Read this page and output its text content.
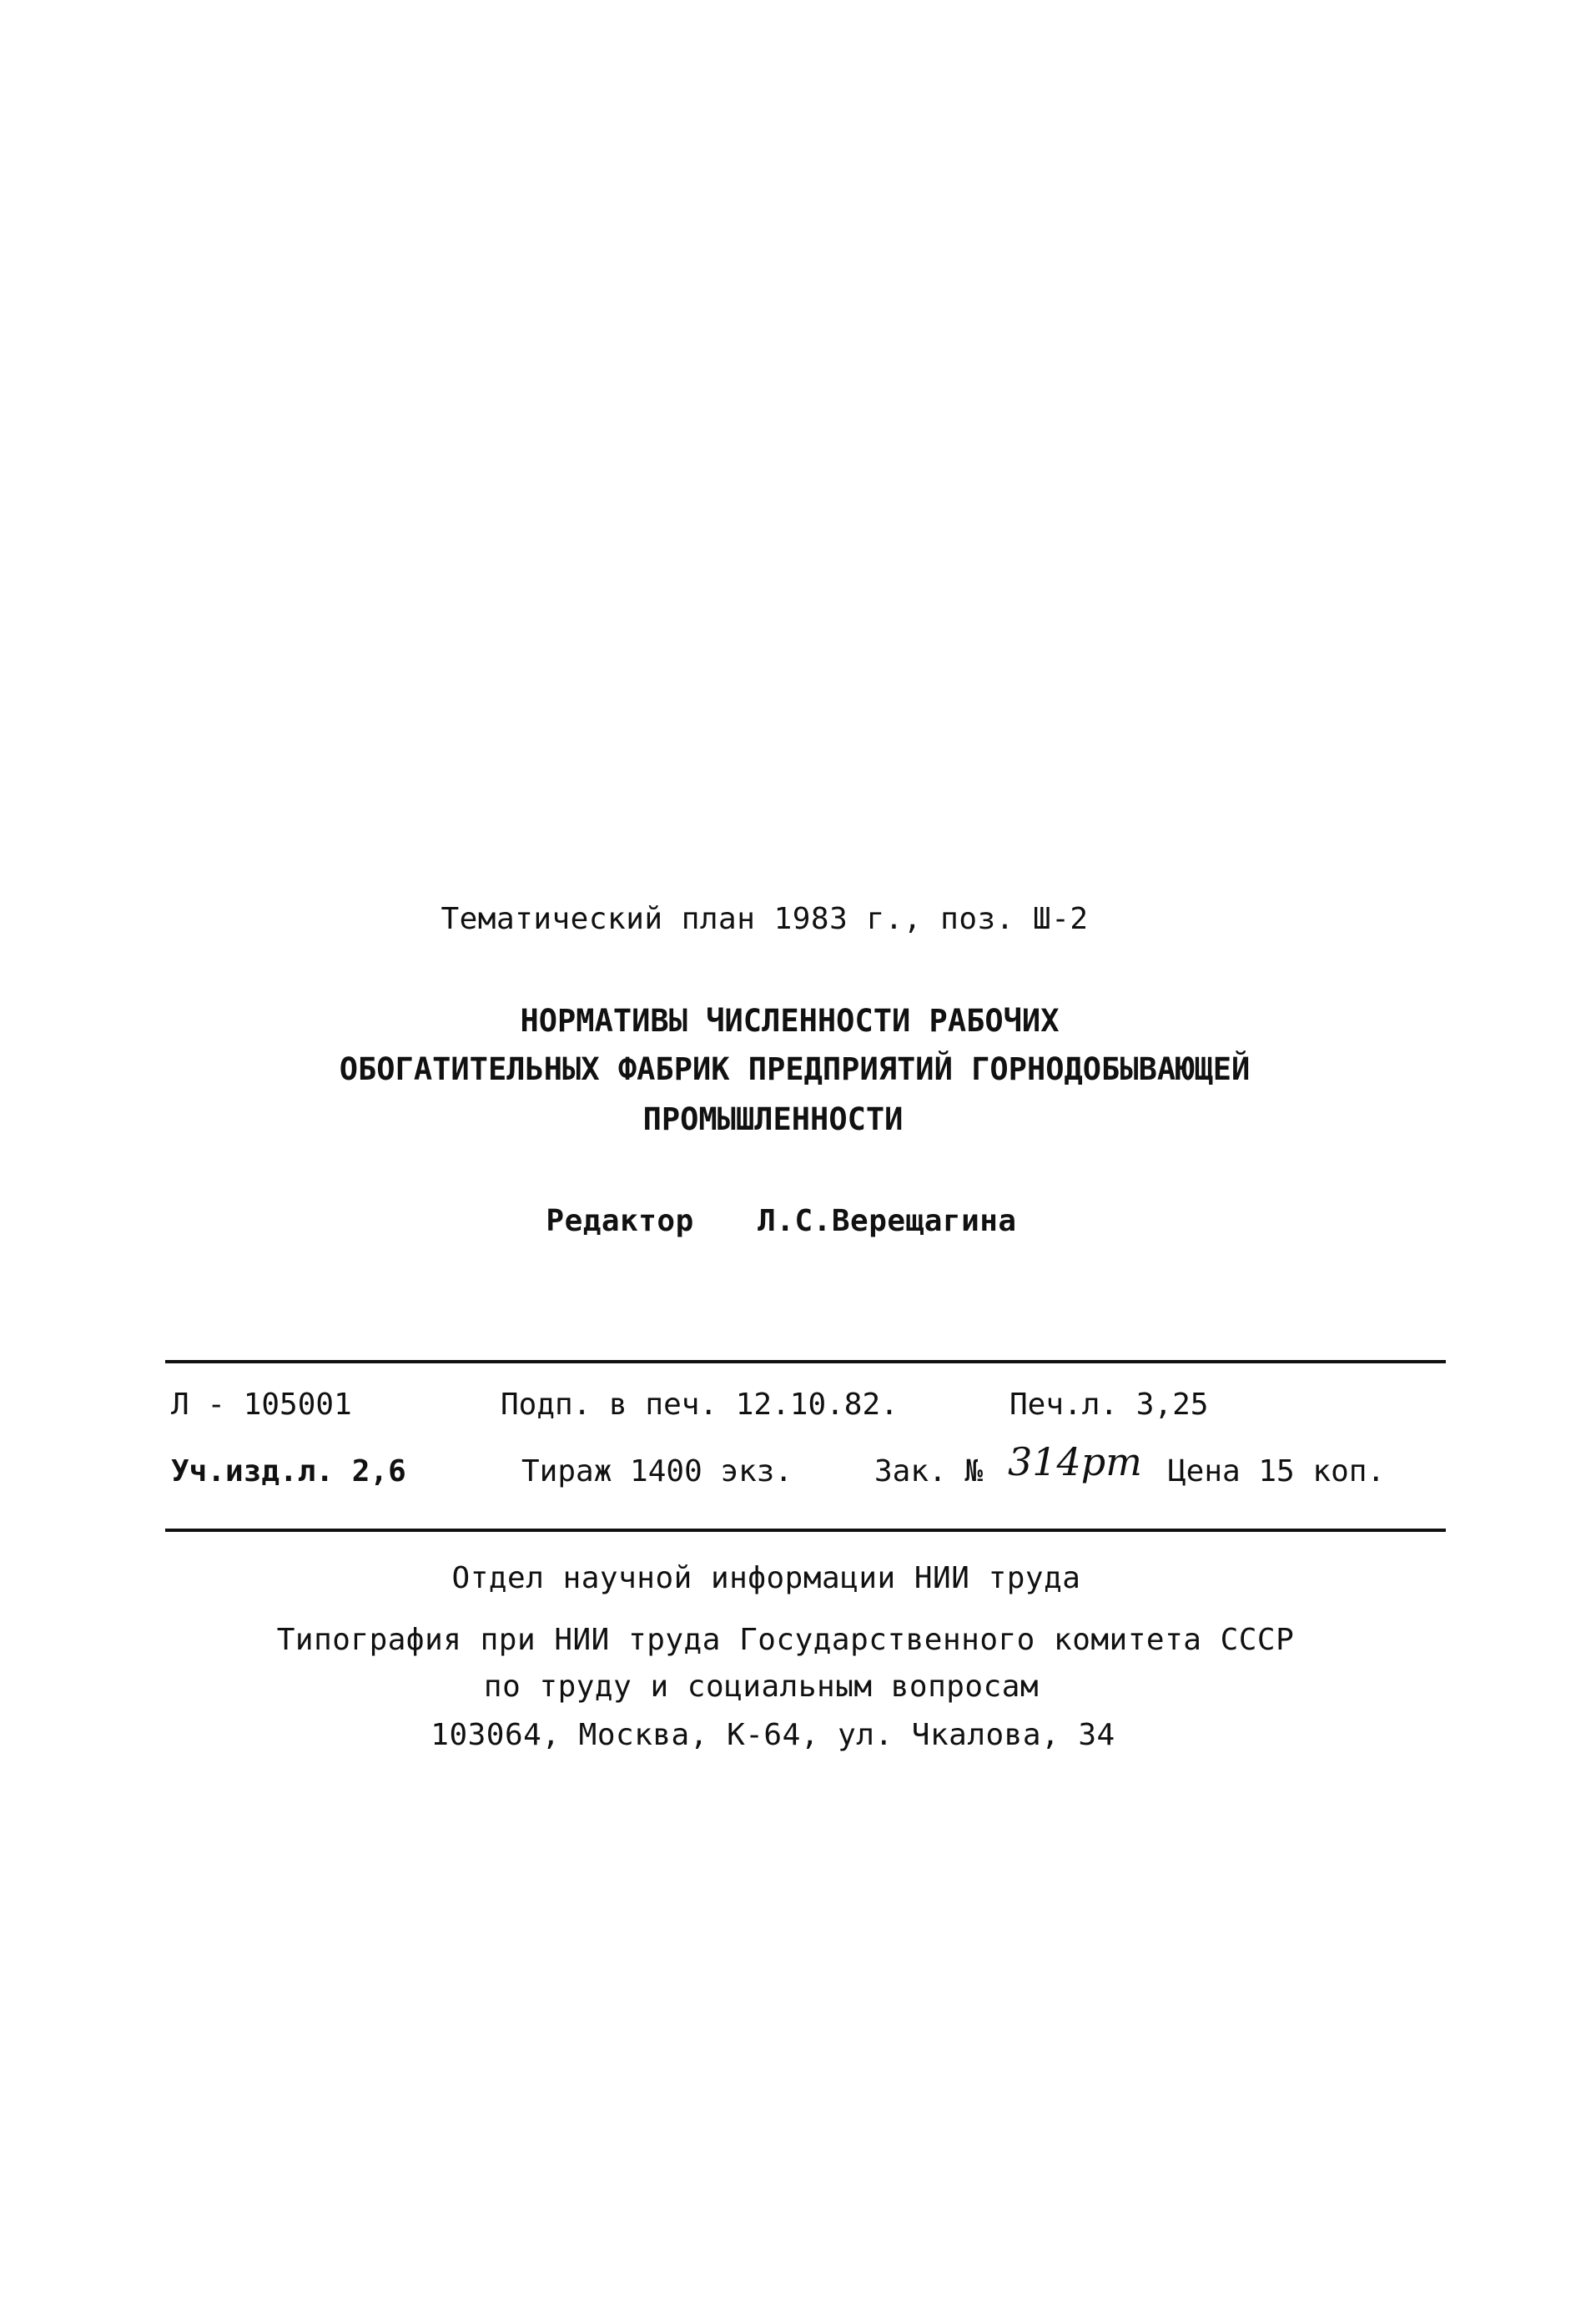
Тематический план 1983 г., поз. Ш-2
НОРМАТИВЫ ЧИСЛЕННОСТИ РАБОЧИХ
ОБОГАТИТЕЛЬНЫХ ФАБРИК ПРЕДПРИЯТИЙ ГОРНОДОБЫВАЮЩЕЙ
ПРОМЫШЛЕННОСТИ
Редактор Л.С.Верещагина
Л - 105001	Подп. в печ. 12.10.82.	Печ.л. 3,25
Уч.изд.л. 2,6	Тираж 1400 экз.	Зак. № 314рт Цена 15 коп.
Отдел научной информации НИИ труда
Типография при НИИ труда Государственного комитета СССР
по труду и социальным вопросам
103064, Москва, К-64, ул. Чкалова, 34
